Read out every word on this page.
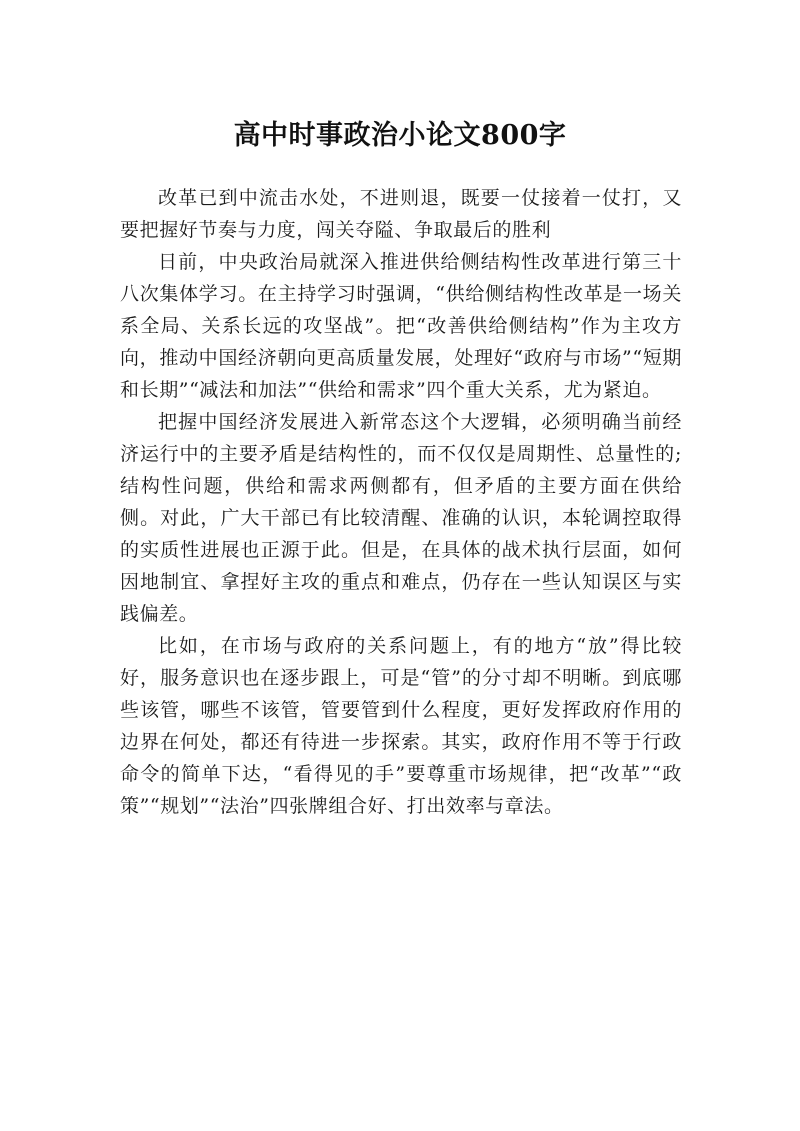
高中时事政治小论文800字

改革已到中流击水处，不进则退，既要一仗接着一仗打，又要把握好节奏与力度，闯关夺隘、争取最后的胜利

日前，中央政治局就深入推进供给侧结构性改革进行第三十八次集体学习。在主持学习时强调，“供给侧结构性改革是一场关系全局、关系长远的攻坚战”。把“改善供给侧结构”作为主攻方向，推动中国经济朝向更高质量发展，处理好“政府与市场”“短期和长期”“减法和加法”“供给和需求”四个重大关系，尤为紧迫。

把握中国经济发展进入新常态这个大逻辑，必须明确当前经济运行中的主要矛盾是结构性的，而不仅仅是周期性、总量性的;结构性问题，供给和需求两侧都有，但矛盾的主要方面在供给侧。对此，广大干部已有比较清醒、准确的认识，本轮调控取得的实质性进展也正源于此。但是，在具体的战术执行层面，如何因地制宜、拿捏好主攻的重点和难点，仍存在一些认知误区与实践偏差。

比如，在市场与政府的关系问题上，有的地方“放”得比较好，服务意识也在逐步跟上，可是“管”的分寸却不明晰。到底哪些该管，哪些不该管，管要管到什么程度，更好发挥政府作用的边界在何处，都还有待进一步探索。其实，政府作用不等于行政命令的简单下达，“看得见的手”要尊重市场规律，把“改革”“政策”“规划”“法治”四张牌组合好、打出效率与章法。
